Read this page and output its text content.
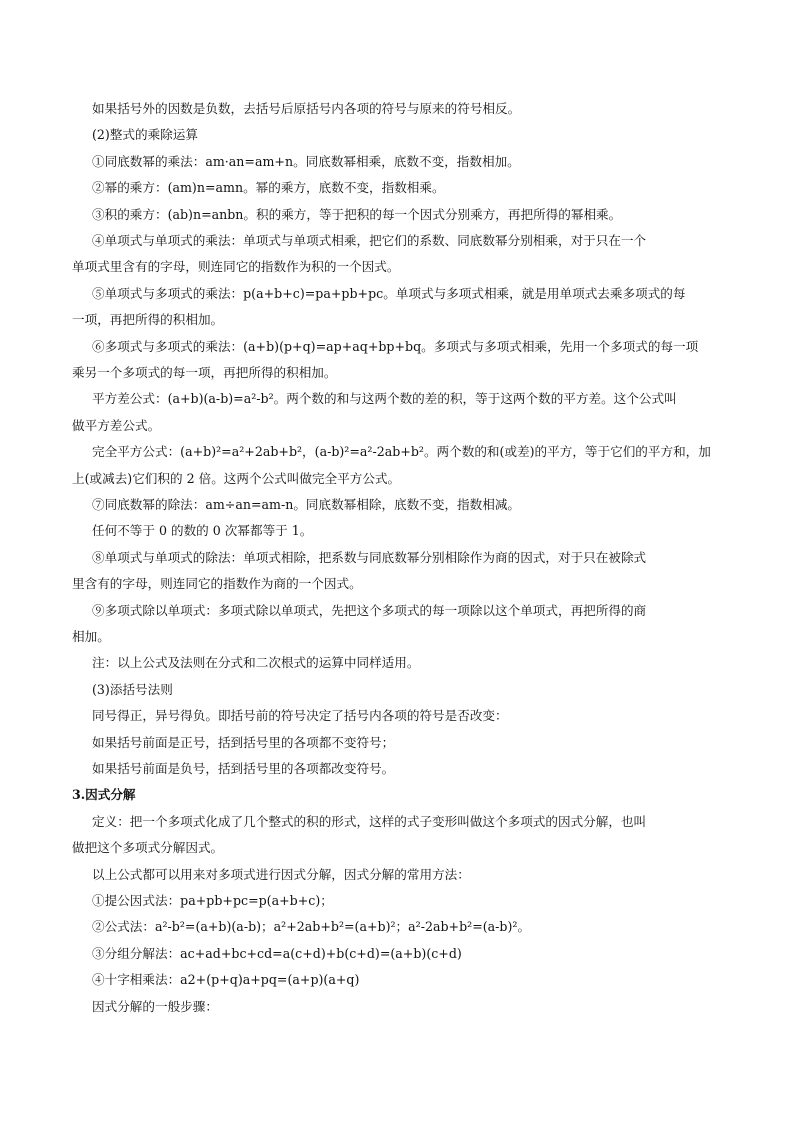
如果括号外的因数是负数，去括号后原括号内各项的符号与原来的符号相反。
(2)整式的乘除运算
①同底数幂的乘法：am·an=am+n。同底数幂相乘，底数不变，指数相加。
②幂的乘方：(am)n=amn。幂的乘方，底数不变，指数相乘。
③积的乘方：(ab)n=anbn。积的乘方，等于把积的每一个因式分别乘方，再把所得的幂相乘。
④单项式与单项式的乘法：单项式与单项式相乘，把它们的系数、同底数幂分别相乘，对于只在一个
单项式里含有的字母，则连同它的指数作为积的一个因式。
⑤单项式与多项式的乘法：p(a+b+c)=pa+pb+pc。单项式与多项式相乘，就是用单项式去乘多项式的每
一项，再把所得的积相加。
⑥多项式与多项式的乘法：(a+b)(p+q)=ap+aq+bp+bq。多项式与多项式相乘，先用一个多项式的每一项
乘另一个多项式的每一项，再把所得的积相加。
平方差公式：(a+b)(a-b)=a²-b²。两个数的和与这两个数的差的积，等于这两个数的平方差。这个公式叫
做平方差公式。
完全平方公式：(a+b)²=a²+2ab+b²，(a-b)²=a²-2ab+b²。两个数的和(或差)的平方，等于它们的平方和，加
上(或减去)它们积的 2 倍。这两个公式叫做完全平方公式。
⑦同底数幂的除法：am÷an=am-n。同底数幂相除，底数不变，指数相减。
任何不等于 0 的数的 0 次幂都等于 1。
⑧单项式与单项式的除法：单项式相除，把系数与同底数幂分别相除作为商的因式，对于只在被除式
里含有的字母，则连同它的指数作为商的一个因式。
⑨多项式除以单项式：多项式除以单项式，先把这个多项式的每一项除以这个单项式，再把所得的商
相加。
注：以上公式及法则在分式和二次根式的运算中同样适用。
(3)添括号法则
同号得正，异号得负。即括号前的符号决定了括号内各项的符号是否改变：
如果括号前面是正号，括到括号里的各项都不变符号；
如果括号前面是负号，括到括号里的各项都改变符号。
3.因式分解
定义：把一个多项式化成了几个整式的积的形式，这样的式子变形叫做这个多项式的因式分解，也叫
做把这个多项式分解因式。
以上公式都可以用来对多项式进行因式分解，因式分解的常用方法：
①提公因式法：pa+pb+pc=p(a+b+c)；
②公式法：a²-b²=(a+b)(a-b)；a²+2ab+b²=(a+b)²；a²-2ab+b²=(a-b)²。
③分组分解法：ac+ad+bc+cd=a(c+d)+b(c+d)=(a+b)(c+d)
④十字相乘法：a2+(p+q)a+pq=(a+p)(a+q)
因式分解的一般步骤：
